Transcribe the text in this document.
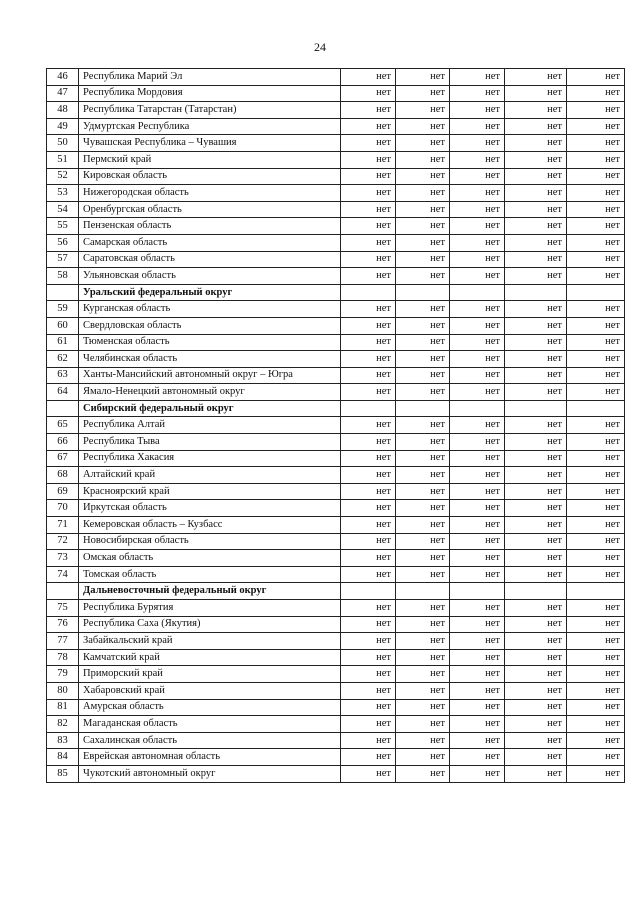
24
46	Республика Марий Эл	нет	нет	нет	нет	нет
47	Республика Мордовия	нет	нет	нет	нет	нет
48	Республика Татарстан (Татарстан)	нет	нет	нет	нет	нет
49	Удмуртская Республика	нет	нет	нет	нет	нет
50	Чувашская Республика – Чувашия	нет	нет	нет	нет	нет
51	Пермский край	нет	нет	нет	нет	нет
52	Кировская область	нет	нет	нет	нет	нет
53	Нижегородская область	нет	нет	нет	нет	нет
54	Оренбургская область	нет	нет	нет	нет	нет
55	Пензенская область	нет	нет	нет	нет	нет
56	Самарская область	нет	нет	нет	нет	нет
57	Саратовская область	нет	нет	нет	нет	нет
58	Ульяновская область	нет	нет	нет	нет	нет
	Уральский федеральный округ					
59	Курганская область	нет	нет	нет	нет	нет
60	Свердловская область	нет	нет	нет	нет	нет
61	Тюменская область	нет	нет	нет	нет	нет
62	Челябинская область	нет	нет	нет	нет	нет
63	Ханты-Мансийский автономный округ – Югра	нет	нет	нет	нет	нет
64	Ямало-Ненецкий автономный округ	нет	нет	нет	нет	нет
	Сибирский федеральный округ					
65	Республика Алтай	нет	нет	нет	нет	нет
66	Республика Тыва	нет	нет	нет	нет	нет
67	Республика Хакасия	нет	нет	нет	нет	нет
68	Алтайский край	нет	нет	нет	нет	нет
69	Красноярский край	нет	нет	нет	нет	нет
70	Иркутская область	нет	нет	нет	нет	нет
71	Кемеровская область – Кузбасс	нет	нет	нет	нет	нет
72	Новосибирская область	нет	нет	нет	нет	нет
73	Омская область	нет	нет	нет	нет	нет
74	Томская область	нет	нет	нет	нет	нет
	Дальневосточный федеральный округ					
75	Республика Бурятия	нет	нет	нет	нет	нет
76	Республика Саха (Якутия)	нет	нет	нет	нет	нет
77	Забайкальский край	нет	нет	нет	нет	нет
78	Камчатский край	нет	нет	нет	нет	нет
79	Приморский край	нет	нет	нет	нет	нет
80	Хабаровский край	нет	нет	нет	нет	нет
81	Амурская область	нет	нет	нет	нет	нет
82	Магаданская область	нет	нет	нет	нет	нет
83	Сахалинская область	нет	нет	нет	нет	нет
84	Еврейская автономная область	нет	нет	нет	нет	нет
85	Чукотский автономный округ	нет	нет	нет	нет	нет
